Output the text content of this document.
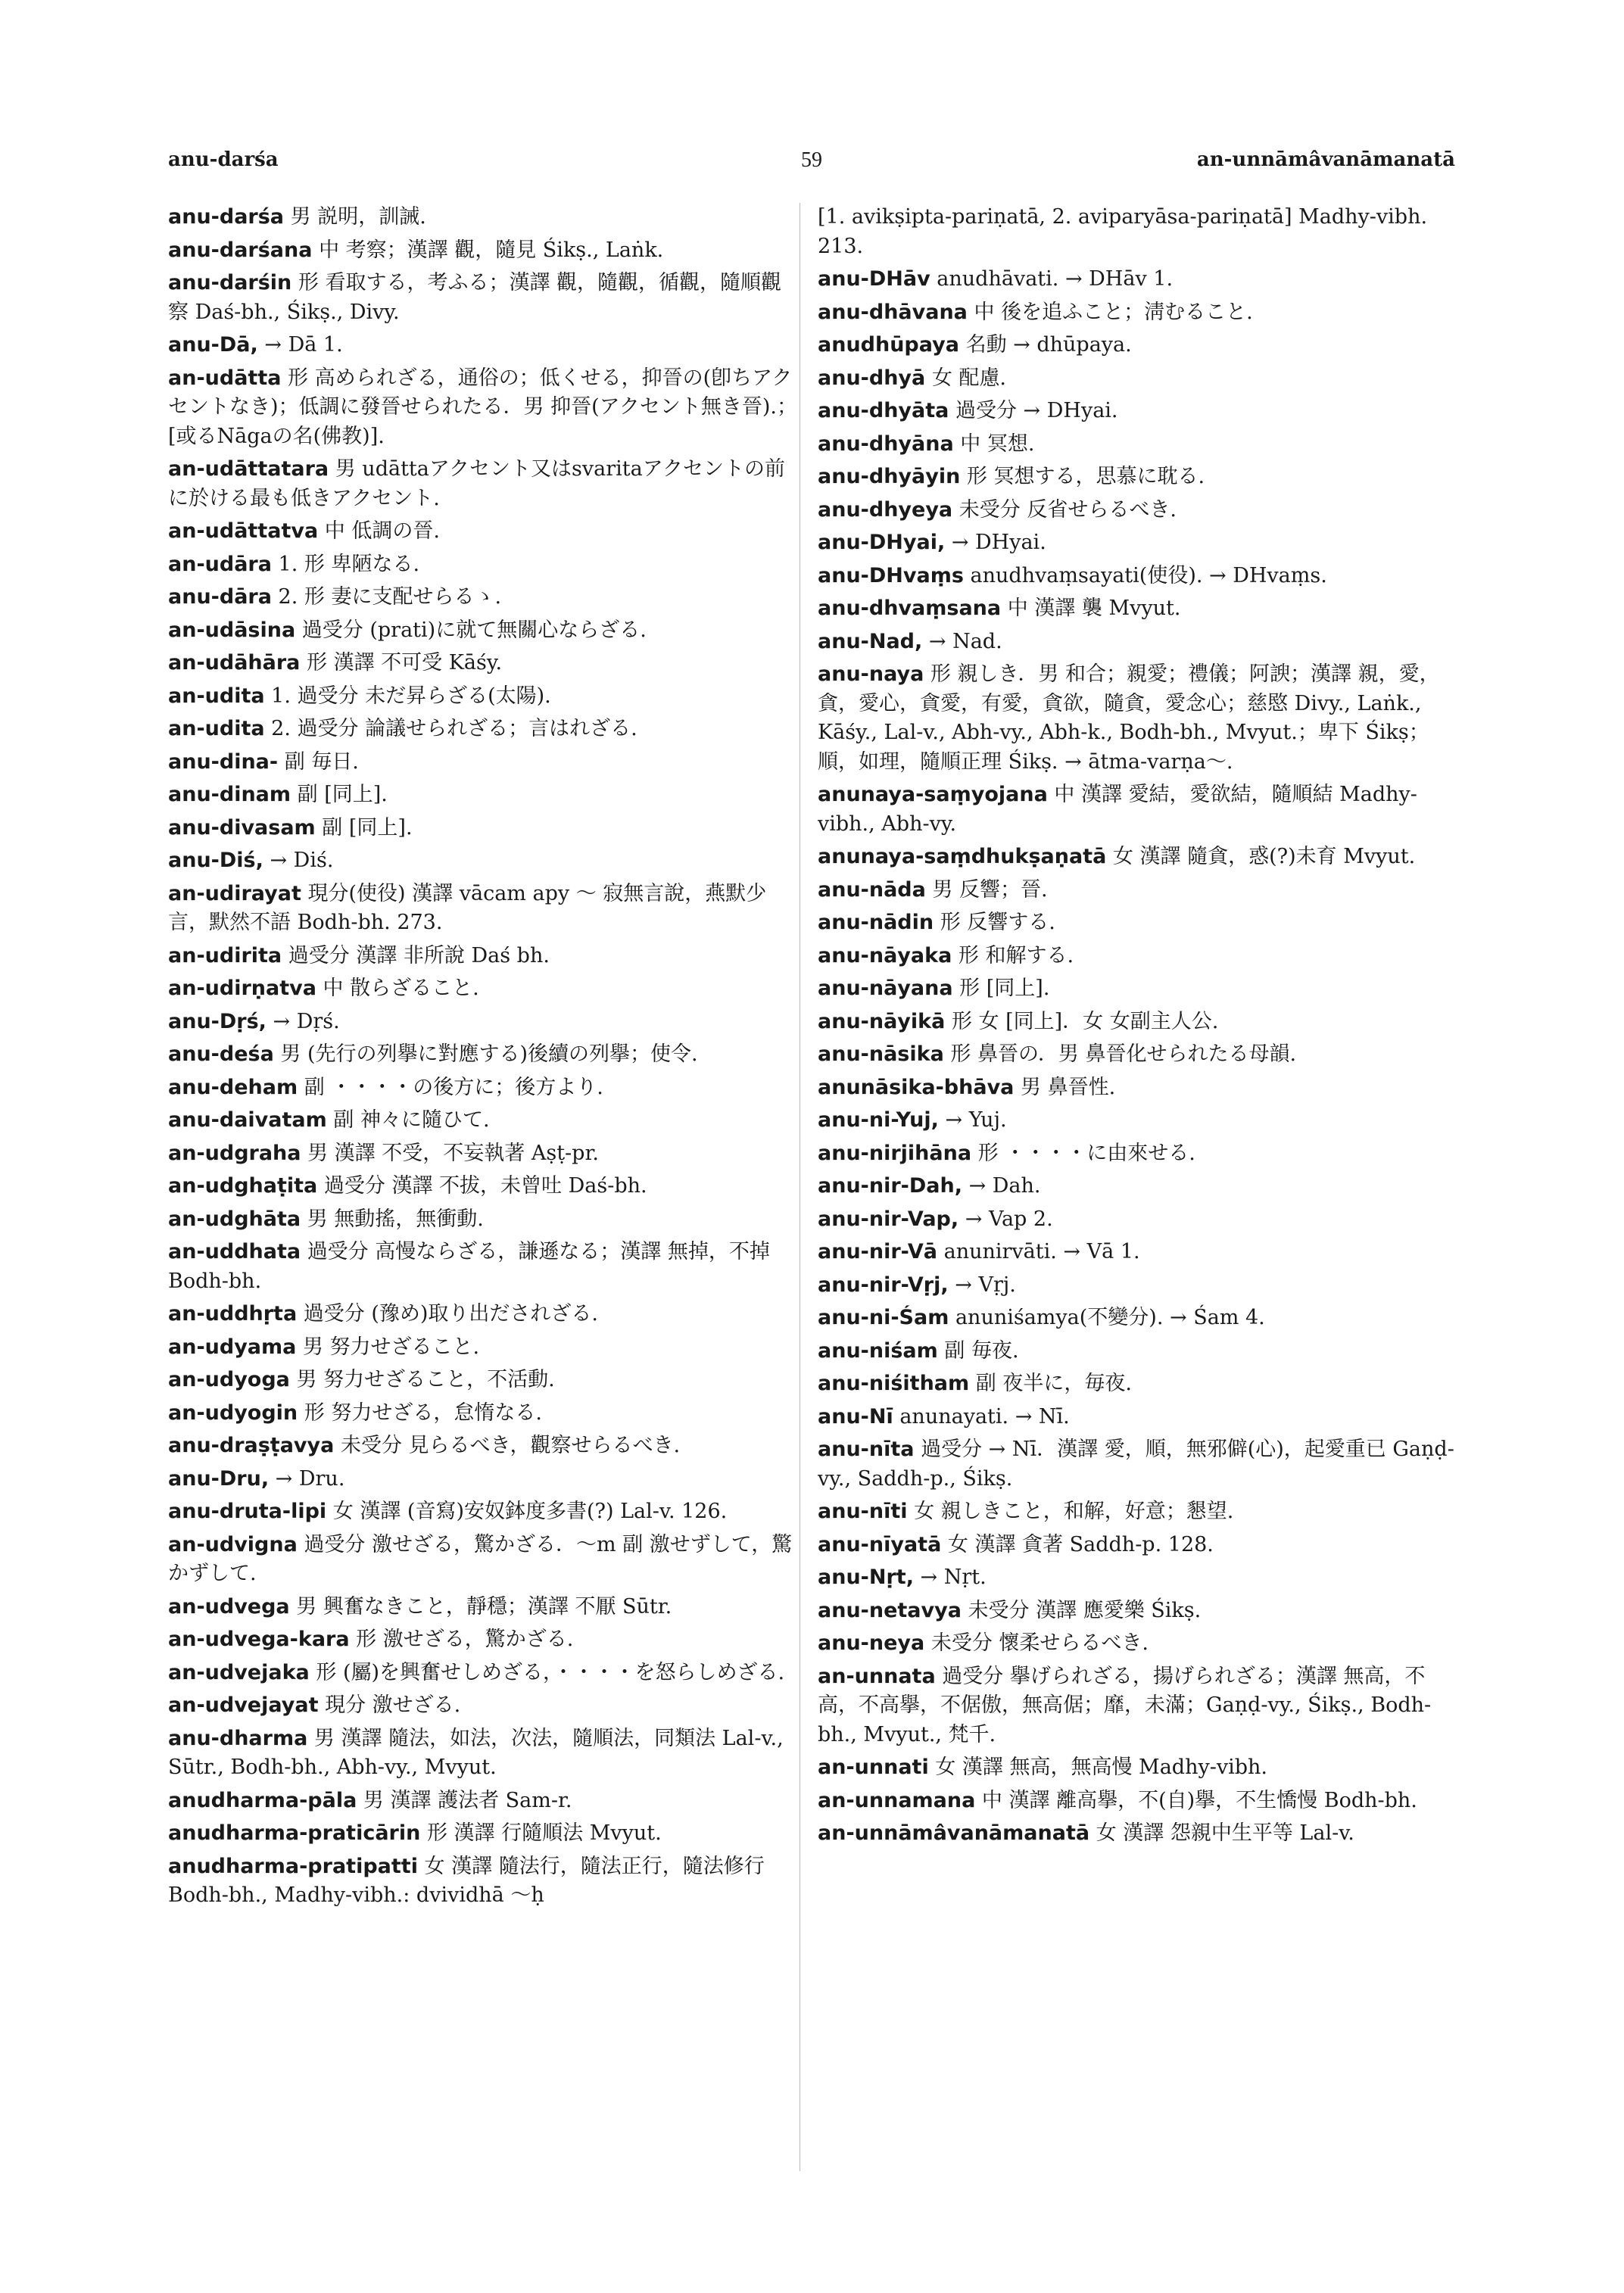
anu-darśa	59	an-unnāmâvanāmanatā

anu-darśa 男 説明，訓誡.

anu-darśana 中 考察；漢譯 觀，隨見 Śikṣ., Laṅk.

anu-darśin 形 看取する，考ふる；漢譯 觀，隨觀，循觀，隨順觀察 Daś-bh., Śikṣ., Divy.

anu-Dā, → Dā 1.

an-udātta 形 高められざる，通俗の；低くせる，抑晉の(卽ちアクセントなき)；低調に發晉せられたる．男 抑晉(アクセント無き晉).；[或るNāgaの名(佛教)].

an-udāttatara 男 udāttaアクセント又はsvaritaアクセントの前に於ける最も低きアクセント.

an-udāttatva 中 低調の晉.

an-udāra 1. 形 卑陋なる.

anu-dāra 2. 形 妻に支配せらるゝ.

an-udāsina 過受分 (prati)に就て無關心ならざる.

an-udāhāra 形 漢譯 不可受 Kāśy.

an-udita 1. 過受分 未だ昇らざる(太陽).

an-udita 2. 過受分 論議せられざる；言はれざる.

anu-dina- 副 毎日.

anu-dinam 副 [同上].

anu-divasam 副 [同上].

anu-Diś, → Diś.

an-udirayat 現分(使役) 漢譯 vācam apy ～ 寂無言說，燕默少言，默然不語 Bodh-bh. 273.

an-udirita 過受分 漢譯 非所說 Daś bh.

an-udirṇatva 中 散らざること.

anu-Dṛś, → Dṛś.

anu-deśa 男 (先行の列擧に對應する)後續の列擧；使令.

anu-deham 副 ・・・・の後方に；後方より.

anu-daivatam 副 神々に隨ひて.

an-udgraha 男 漢譯 不受，不妄執著 Aṣṭ-pr.

an-udghaṭita 過受分 漢譯 不拔，未曾吐 Daś-bh.

an-udghāta 男 無動搖，無衝動.

an-uddhata 過受分 高慢ならざる，謙遜なる；漢譯 無掉，不掉 Bodh-bh.

an-uddhṛta 過受分 (豫め)取り出だされざる.

an-udyama 男 努力せざること.

an-udyoga 男 努力せざること，不活動.

an-udyogin 形 努力せざる，怠惰なる.

anu-draṣṭavya 未受分 見らるべき，觀察せらるべき.

anu-Dru, → Dru.

anu-druta-lipi 女 漢譯 (音寫)安奴鉢度多書(?) Lal-v. 126.

an-udvigna 過受分 激せざる，驚かざる．～m 副 激せずして，驚かずして.

an-udvega 男 興奮なきこと，靜穩；漢譯 不厭 Sūtr.

an-udvega-kara 形 激せざる，驚かざる.

an-udvejaka 形 (屬)を興奮せしめざる，・・・・を怒らしめざる.

an-udvejayat 現分 激せざる.

anu-dharma 男 漢譯 隨法，如法，次法，隨順法，同類法 Lal-v., Sūtr., Bodh-bh., Abh-vy., Mvyut.

anudharma-pāla 男 漢譯 護法者 Sam-r.

anudharma-praticārin 形 漢譯 行隨順法 Mvyut.

anudharma-pratipatti 女 漢譯 隨法行，隨法正行，隨法修行 Bodh-bh., Madhy-vibh.: dvividhā ～ḥ

[1. avikṣipta-pariṇatā, 2. aviparyāsa-pariṇatā] Madhy-vibh. 213.

anu-DHāv anudhāvati. → DHāv 1.

anu-dhāvana 中 後を追ふこと；淸むること.

anudhūpaya 名動 → dhūpaya.

anu-dhyā 女 配慮.

anu-dhyāta 過受分 → DHyai.

anu-dhyāna 中 冥想.

anu-dhyāyin 形 冥想する，思慕に耽る.

anu-dhyeya 未受分 反省せらるべき.

anu-DHyai, → DHyai.

anu-DHvaṃs anudhvaṃsayati(使役). → DHvaṃs.

anu-dhvaṃsana 中 漢譯 襲 Mvyut.

anu-Nad, → Nad.

anu-naya 形 親しき．男 和合；親愛；禮儀；阿諛；漢譯 親，愛，貪，愛心，貪愛，有愛，貪欲，隨貪，愛念心；慈愍 Divy., Laṅk., Kāśy., Lal-v., Abh-vy., Abh-k., Bodh-bh., Mvyut.；卑下 Śikṣ；順，如理，隨順正理 Śikṣ. → ātma-varṇa～.

anunaya-saṃyojana 中 漢譯 愛結，愛欲結，隨順結 Madhy-vibh., Abh-vy.

anunaya-saṃdhukṣaṇatā 女 漢譯 隨貪，惑(?)未育 Mvyut.

anu-nāda 男 反響；晉.

anu-nādin 形 反響する.

anu-nāyaka 形 和解する.

anu-nāyana 形 [同上].

anu-nāyikā 形 女 [同上]．女 女副主人公.

anu-nāsika 形 鼻晉の．男 鼻晉化せられたる母韻.

anunāsika-bhāva 男 鼻晉性.

anu-ni-Yuj, → Yuj.

anu-nirjihāna 形 ・・・・に由來せる.

anu-nir-Dah, → Dah.

anu-nir-Vap, → Vap 2.

anu-nir-Vā anunirvāti. → Vā 1.

anu-nir-Vṛj, → Vṛj.

anu-ni-Śam anuniśamya(不變分). → Śam 4.

anu-niśam 副 毎夜.

anu-niśitham 副 夜半に，毎夜.

anu-Nī anunayati. → Nī.

anu-nīta 過受分 → Nī．漢譯 愛，順，無邪僻(心)，起愛重已 Gaṇḍ-vy., Saddh-p., Śikṣ.

anu-nīti 女 親しきこと，和解，好意；懇望.

anu-nīyatā 女 漢譯 貪著 Saddh-p. 128.

anu-Nṛt, → Nṛt.

anu-netavya 未受分 漢譯 應愛樂 Śikṣ.

anu-neya 未受分 懷柔せらるべき.

an-unnata 過受分 擧げられざる，揚げられざる；漢譯 無高，不高，不高擧，不倨傲，無高倨；靡，未滿；Gaṇḍ-vy., Śikṣ., Bodh-bh., Mvyut., 梵千.

an-unnati 女 漢譯 無高，無高慢 Madhy-vibh.

an-unnamana 中 漢譯 離高擧，不(自)擧，不生憍慢 Bodh-bh.

an-unnāmâvanāmanatā 女 漢譯 怨親中生平等 Lal-v.
